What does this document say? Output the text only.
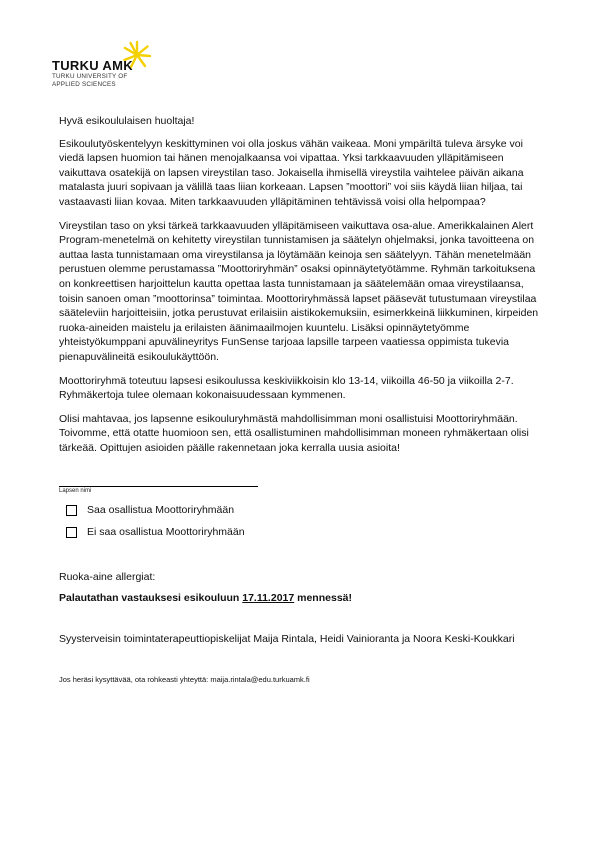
TURKU AMK
TURKU UNIVERSITY OF
APPLIED SCIENCES

Hyvä esikoululaisen huoltaja!

Esikoulutyöskentelyyn keskittyminen voi olla joskus vähän vaikeaa. Moni ympäriltä tuleva ärsyke voi viedä lapsen huomion tai hänen menojalkaansa voi vipattaa. Yksi tarkkaavuuden ylläpitämiseen vaikuttava osatekijä on lapsen vireystilan taso. Jokaisella ihmisellä vireystila vaihtelee päivän aikana matalasta juuri sopivaan ja välillä taas liian korkeaan. Lapsen ”moottori” voi siis käydä liian hiljaa, tai vastaavasti liian kovaa. Miten tarkkaavuuden ylläpitäminen tehtävissä voisi olla helpompaa?

Vireystilan taso on yksi tärkeä tarkkaavuuden ylläpitämiseen vaikuttava osa-alue. Amerikkalainen Alert Program-menetelmä on kehitetty vireystilan tunnistamisen ja säätelyn ohjelmaksi, jonka tavoitteena on auttaa lasta tunnistamaan oma vireystilansa ja löytämään keinoja sen säätelyyn. Tähän menetelmään perustuen olemme perustamassa ”Moottoriryhmän” osaksi opinnäytetyötämme. Ryhmän tarkoituksena on konkreettisen harjoittelun kautta opettaa lasta tunnistamaan ja säätelemään omaa vireystilaansa, toisin sanoen oman ”moottorinsa” toimintaa. Moottoriryhmässä lapset pääsevät tutustumaan vireystilaa sääteleviin harjoitteisiin, jotka perustuvat erilaisiin aistikokemuksiin, esimerkkeinä liikkuminen, kirpeiden ruoka-aineiden maistelu ja erilaisten äänimaailmojen kuuntelu. Lisäksi opinnäytetyömme yhteistyökumppani apuvälineyritys FunSense tarjoaa lapsille tarpeen vaatiessa oppimista tukevia pienapuvälineitä esikoulukäyttöön.

Moottoriryhmä toteutuu lapsesi esikoulussa keskiviikkoisin klo 13-14, viikoilla 46-50 ja viikoilla 2-7. Ryhmäkertoja tulee olemaan kokonaisuudessaan kymmenen.

Olisi mahtavaa, jos lapsenne esikouluryhmästä mahdollisimman moni osallistuisi Moottoriryhmään. Toivomme, että otatte huomioon sen, että osallistuminen mahdollisimman moneen ryhmäkertaan olisi tärkeää. Opittujen asioiden päälle rakennetaan joka kerralla uusia asioita!

Lapsen nimi
Saa osallistua Moottoriryhmään
Ei saa osallistua Moottoriryhmään
Ruoka-aine allergiat:
Palautathan vastauksesi esikouluun 17.11.2017 mennessä!
Syysterveisin toimintaterapeuttiopiskelijat Maija Rintala, Heidi Vainioranta ja Noora Keski-Koukkari
Jos heräsi kysyttävää, ota rohkeasti yhteyttä: maija.rintala@edu.turkuamk.fi
